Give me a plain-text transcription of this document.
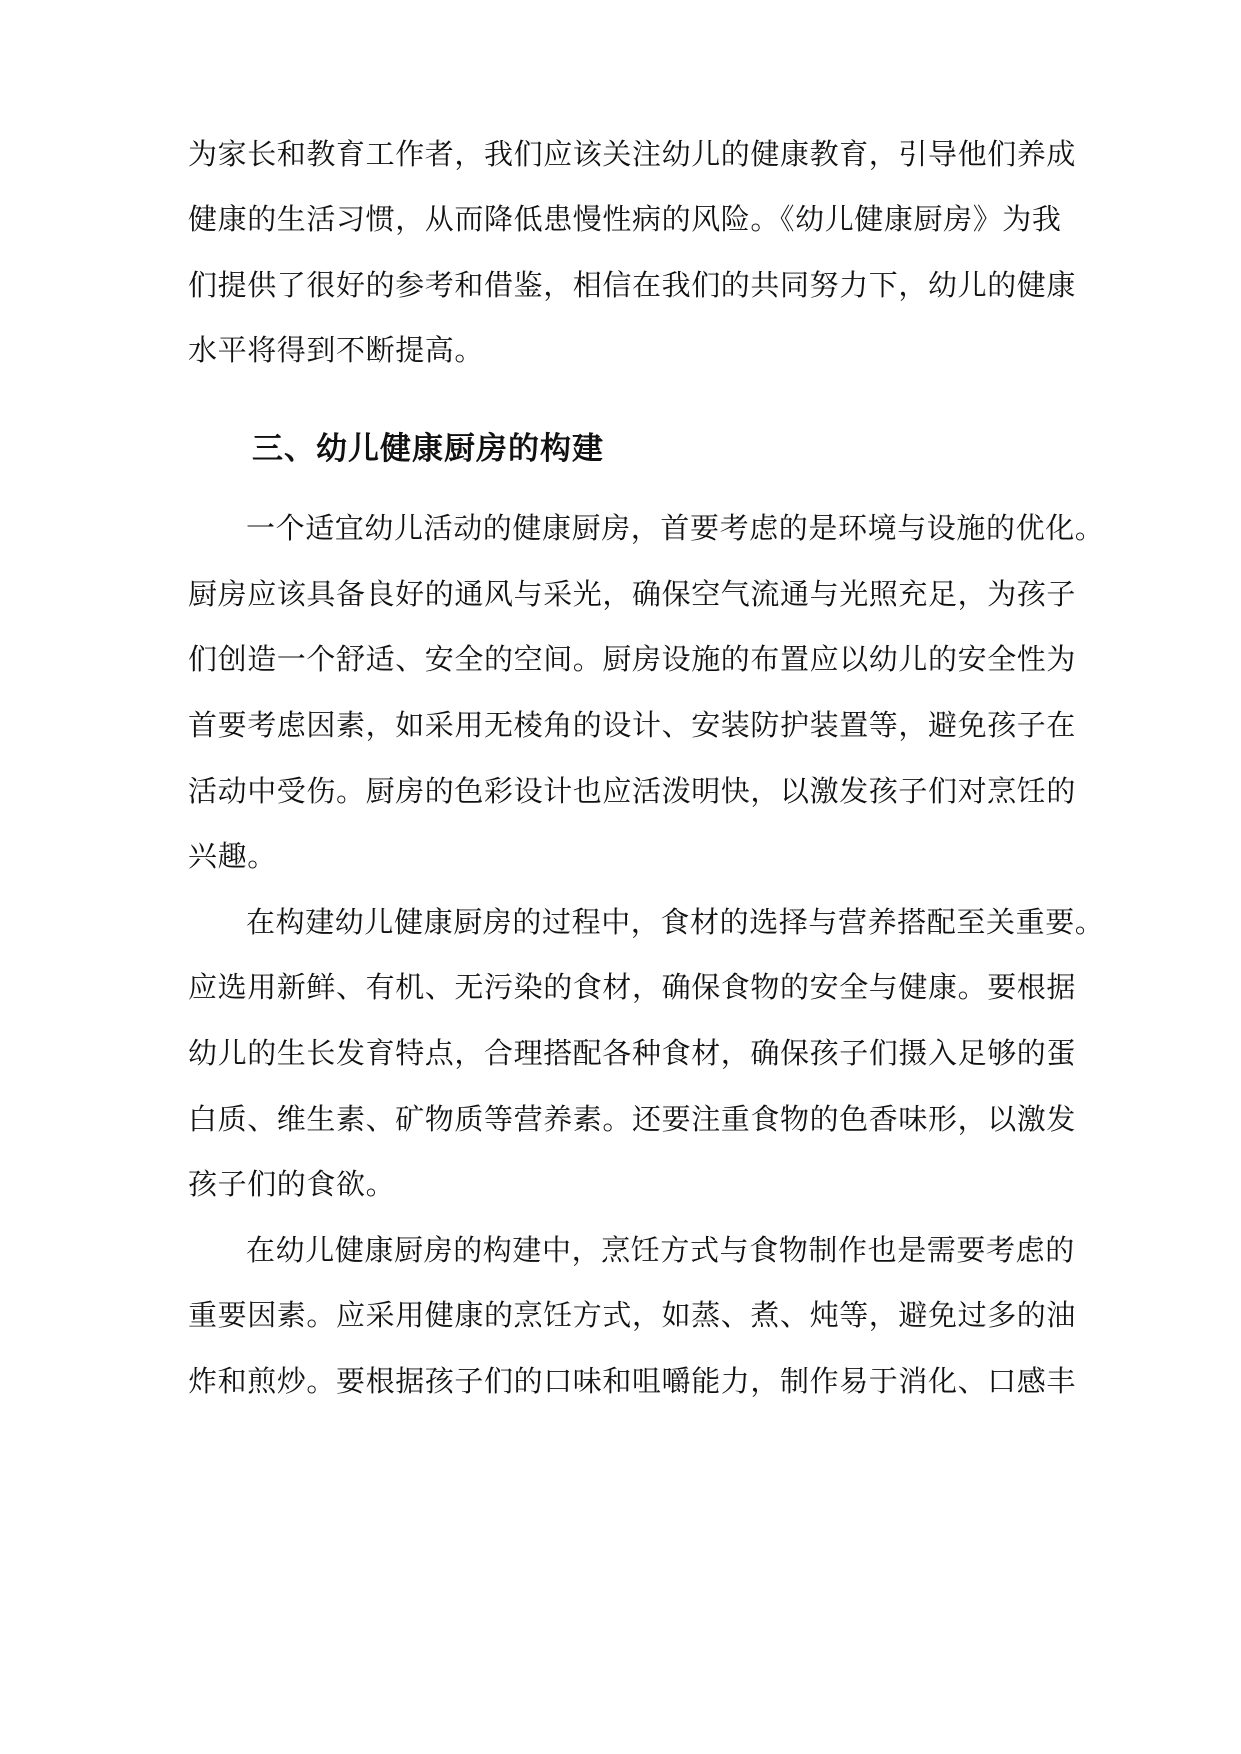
为家长和教育工作者，我们应该关注幼儿的健康教育，引导他们养成
健康的生活习惯，从而降低患慢性病的风险。《幼儿健康厨房》为我
们提供了很好的参考和借鉴，相信在我们的共同努力下，幼儿的健康
水平将得到不断提高。
三、幼儿健康厨房的构建
一个适宜幼儿活动的健康厨房，首要考虑的是环境与设施的优化。
厨房应该具备良好的通风与采光，确保空气流通与光照充足，为孩子
们创造一个舒适、安全的空间。厨房设施的布置应以幼儿的安全性为
首要考虑因素，如采用无棱角的设计、安装防护装置等，避免孩子在
活动中受伤。厨房的色彩设计也应活泼明快，以激发孩子们对烹饪的
兴趣。
在构建幼儿健康厨房的过程中，食材的选择与营养搭配至关重要。
应选用新鲜、有机、无污染的食材，确保食物的安全与健康。要根据
幼儿的生长发育特点，合理搭配各种食材，确保孩子们摄入足够的蛋
白质、维生素、矿物质等营养素。还要注重食物的色香味形，以激发
孩子们的食欲。
在幼儿健康厨房的构建中，烹饪方式与食物制作也是需要考虑的
重要因素。应采用健康的烹饪方式，如蒸、煮、炖等，避免过多的油
炸和煎炒。要根据孩子们的口味和咀嚼能力，制作易于消化、口感丰
